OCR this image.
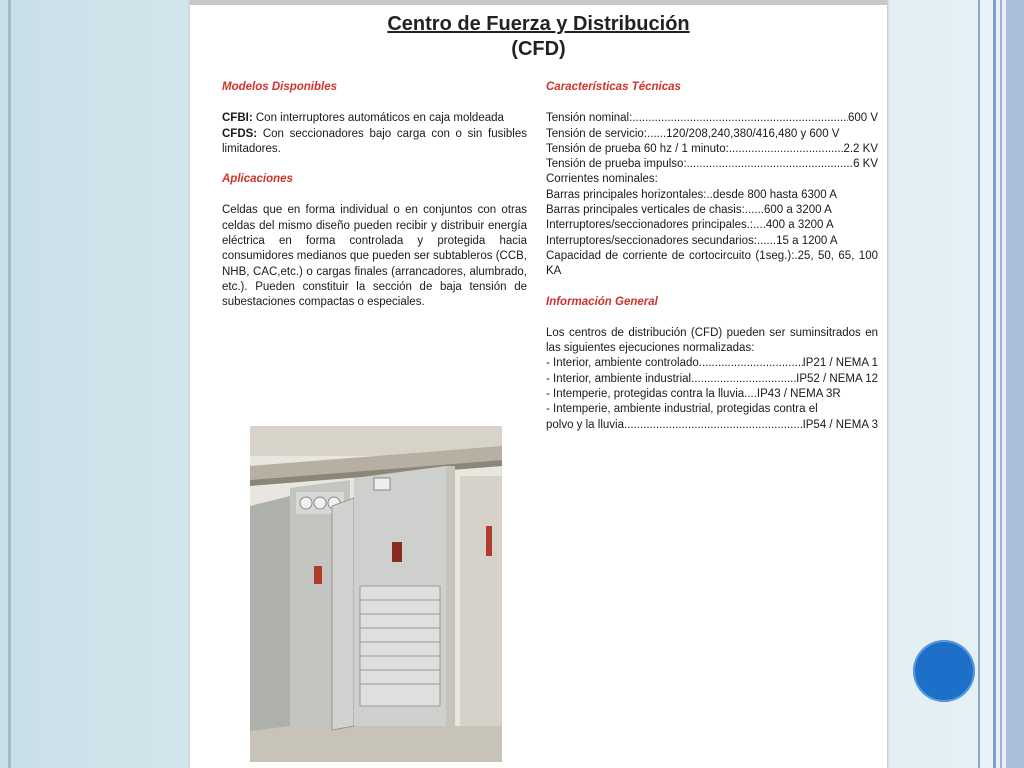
Centro de Fuerza y Distribución
(CFD)

Modelos Disponibles

CFBI: Con interruptores automáticos en caja moldeada

CFDS: Con seccionadores bajo carga con o sin fusibles limitadores.

Aplicaciones

Celdas que en forma individual o en conjuntos con otras celdas del mismo diseño pueden recibir y distribuir energía eléctrica en forma controlada y protegida hacia consumidores medianos que pueden ser subtableros (CCB, NHB, CAC,etc.) o cargas finales (arrancadores, alumbrado, etc.). Pueden constituir la sección de baja tensión de subestaciones compactas o especiales.

Características Técnicas

Tensión nominal: .....	600 V
Tensión de servicio:......120/208,240,380/416,480 y 600 V
Tensión de prueba 60 hz / 1 minuto: .....	2.2 KV
Tensión de prueba impulso: .....	6 KV
Corrientes nominales:
Barras principales horizontales:..desde 800 hasta 6300 A
Barras principales verticales de chasis:......600 a 3200 A
Interruptores/seccionadores principales.:....400 a 3200 A
Interruptores/seccionadores secundarios:......15 a 1200 A

Capacidad de corriente de cortocircuito (1seg.):.25, 50, 65, 100 KA

Información General

Los centros de distribución (CFD) pueden ser suminsitrados en las siguientes ejecuciones normalizadas:

- Interior, ambiente controlado .....	IP21 / NEMA 1
- Interior, ambiente industrial .....	IP52 / NEMA 12
- Intemperie, protegidas contra la lluvia....IP43 / NEMA 3R

- Intemperie, ambiente industrial, protegidas contra el

polvo y la lluvia .....	IP54 / NEMA 3
